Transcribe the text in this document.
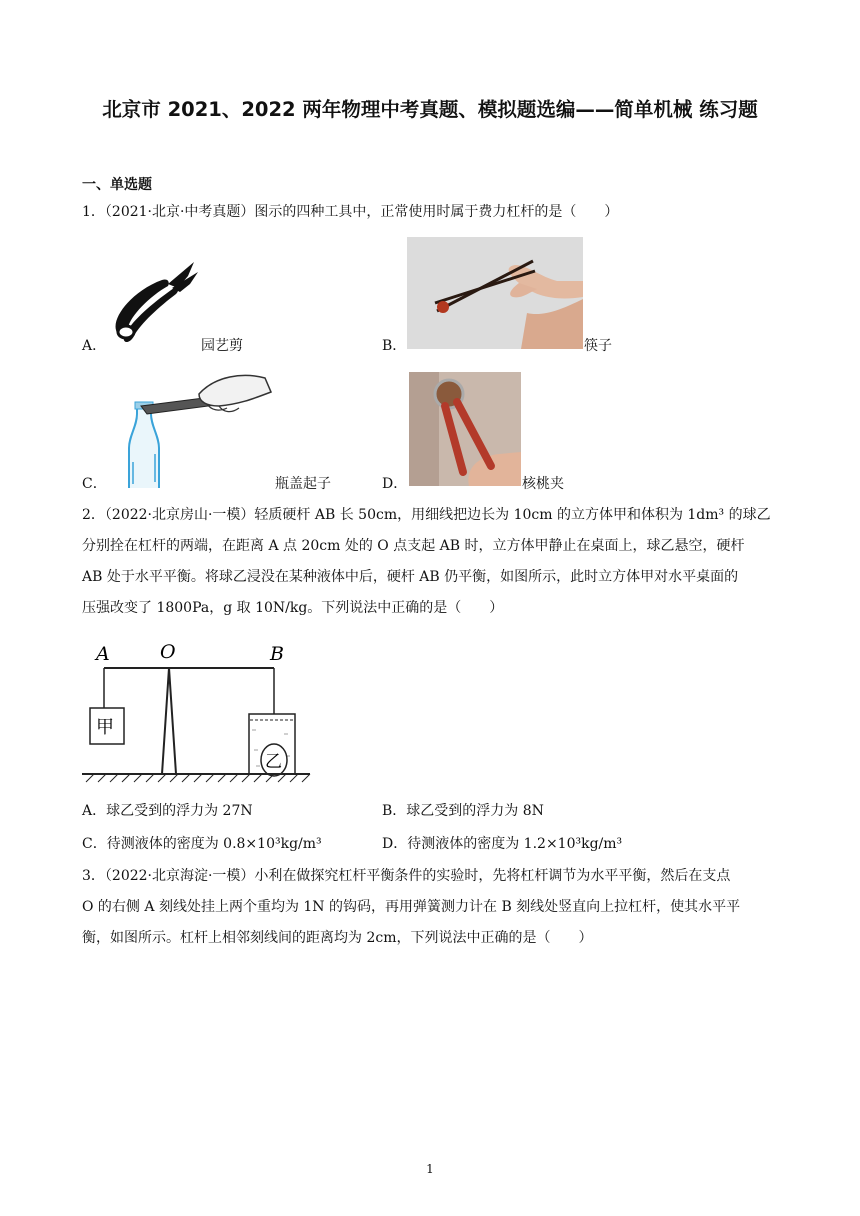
北京市 2021、2022 两年物理中考真题、模拟题选编——简单机械 练习题
一、单选题
1．（2021·北京·中考真题）图示的四种工具中，正常使用时属于费力杠杆的是（　　）
A．	园艺剪	B．	筷子
C．	瓶盖起子	D．	核桃夹
2．（2022·北京房山·一模）轻质硬杆 AB 长 50cm，用细线把边长为 10cm 的立方体甲和体积为 1dm³ 的球乙
分别拴在杠杆的两端，在距离 A 点 20cm 处的 O 点支起 AB 时，立方体甲静止在桌面上，球乙悬空，硬杆
AB 处于水平平衡。将球乙浸没在某种液体中后，硬杆 AB 仍平衡，如图所示，此时立方体甲对水平桌面的
压强改变了 1800Pa，g 取 10N/kg。下列说法中正确的是（　　）
A	O	B
甲
乙
A．球乙受到的浮力为 27N	B．球乙受到的浮力为 8N
C．待测液体的密度为 0.8×10³kg/m³	D．待测液体的密度为 1.2×10³kg/m³
3．（2022·北京海淀·一模）小利在做探究杠杆平衡条件的实验时，先将杠杆调节为水平平衡，然后在支点
O 的右侧 A 刻线处挂上两个重均为 1N 的钩码，再用弹簧测力计在 B 刻线处竖直向上拉杠杆，使其水平平
衡，如图所示。杠杆上相邻刻线间的距离均为 2cm，下列说法中正确的是（　　）
1
